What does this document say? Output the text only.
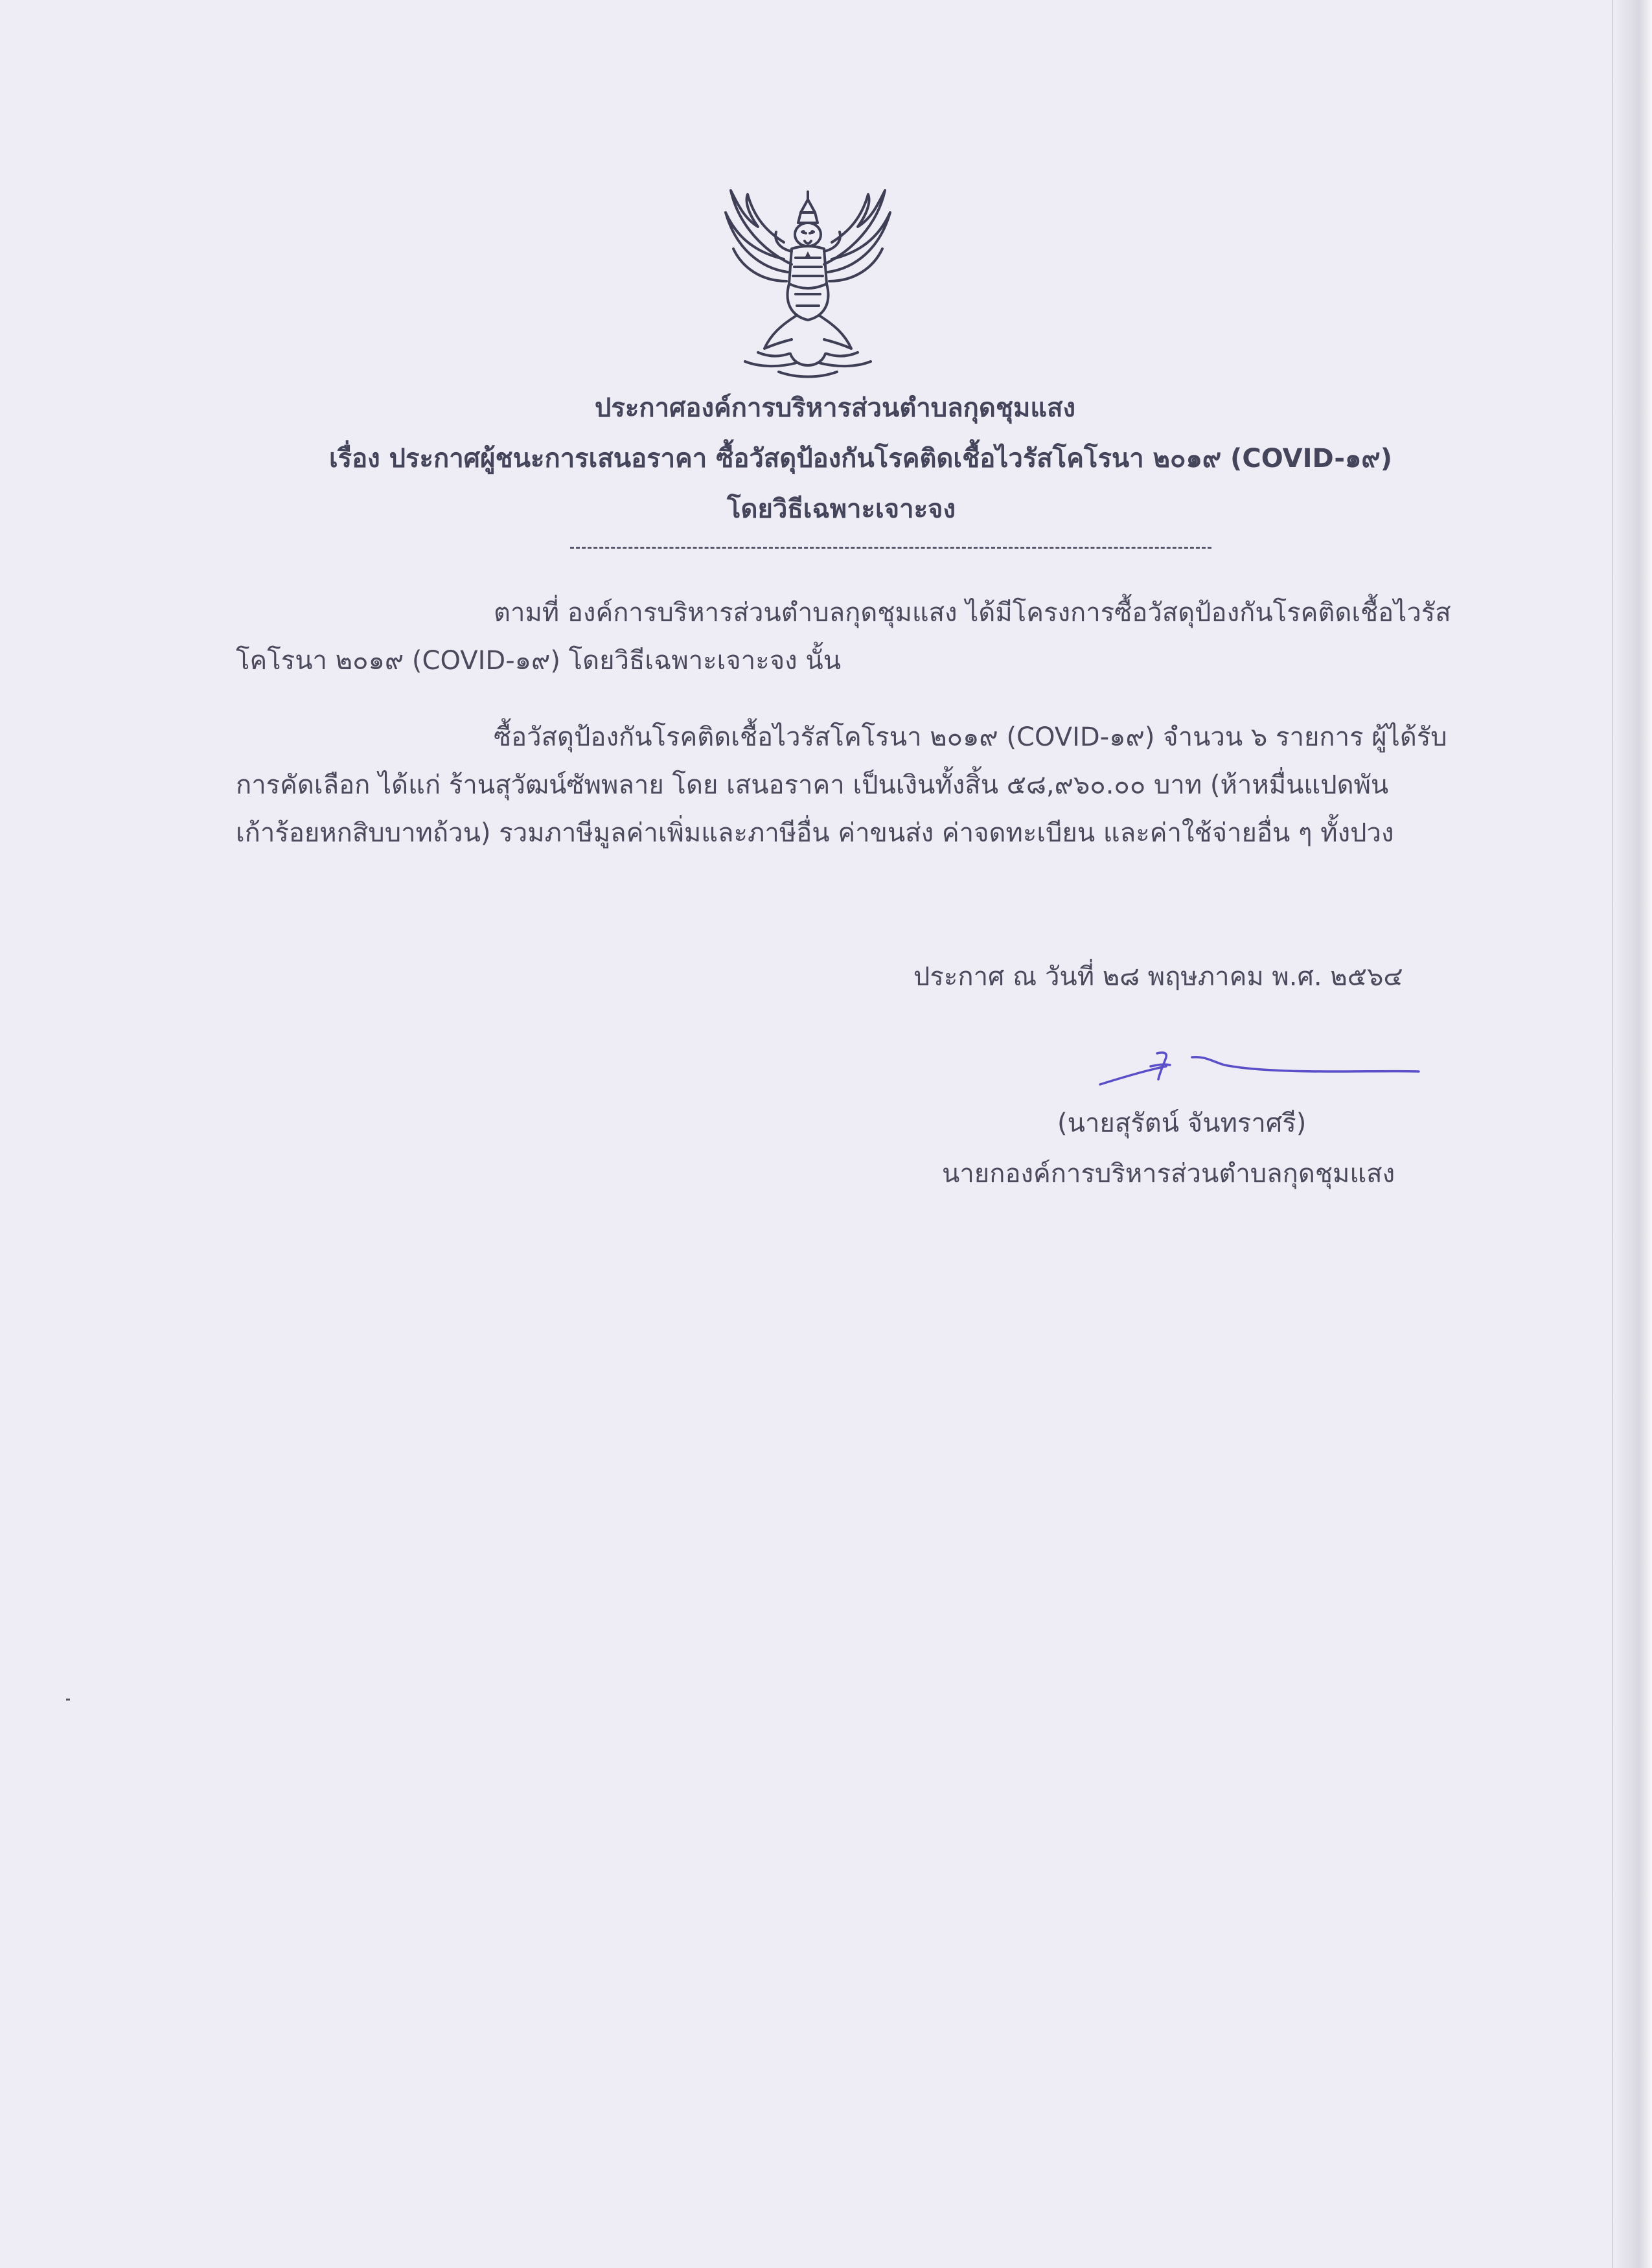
ประกาศองค์การบริหารส่วนตำบลกุดชุมแสง
เรื่อง ประกาศผู้ชนะการเสนอราคา ซื้อวัสดุป้องกันโรคติดเชื้อไวรัสโคโรนา ๒๐๑๙ (COVID-๑๙)
โดยวิธีเฉพาะเจาะจง
ตามที่ องค์การบริหารส่วนตำบลกุดชุมแสง ได้มีโครงการซื้อวัสดุป้องกันโรคติดเชื้อไวรัส
โคโรนา ๒๐๑๙ (COVID-๑๙) โดยวิธีเฉพาะเจาะจง นั้น
ซื้อวัสดุป้องกันโรคติดเชื้อไวรัสโคโรนา ๒๐๑๙ (COVID-๑๙) จำนวน ๖ รายการ ผู้ได้รับ
การคัดเลือก ได้แก่ ร้านสุวัฒน์ซัพพลาย โดย เสนอราคา เป็นเงินทั้งสิ้น ๕๘,๙๖๐.๐๐ บาท (ห้าหมื่นแปดพัน
เก้าร้อยหกสิบบาทถ้วน) รวมภาษีมูลค่าเพิ่มและภาษีอื่น ค่าขนส่ง ค่าจดทะเบียน และค่าใช้จ่ายอื่น ๆ ทั้งปวง
ประกาศ ณ วันที่ ๒๘ พฤษภาคม พ.ศ. ๒๕๖๔
(นายสุรัตน์ จันทราศรี)
นายกองค์การบริหารส่วนตำบลกุดชุมแสง
